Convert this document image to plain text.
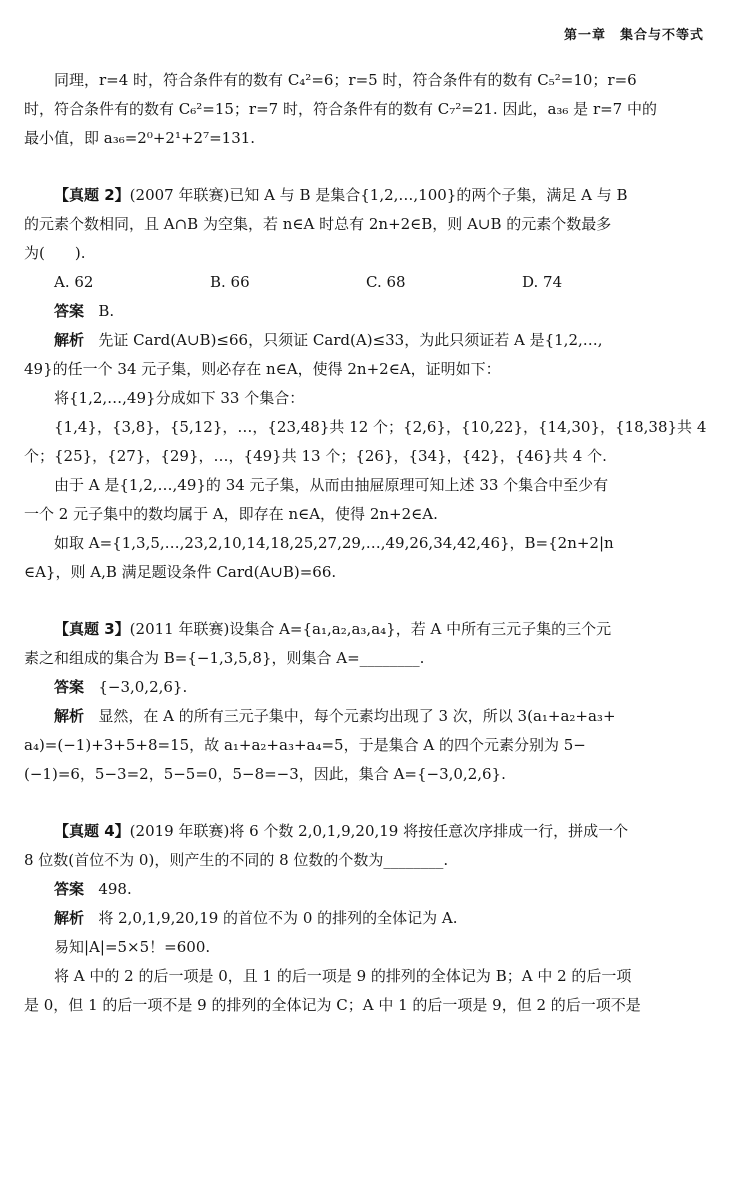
第一章 集合与不等式

同理，r=4 时，符合条件有的数有 C₄²=6；r=5 时，符合条件有的数有 C₅²=10；r=6

时，符合条件有的数有 C₆²=15；r=7 时，符合条件有的数有 C₇²=21. 因此，a₃₆ 是 r=7 中的

最小值，即 a₃₆=2⁰+2¹+2⁷=131.

【真题 2】(2007 年联赛)已知 A 与 B 是集合{1,2,…,100}的两个子集，满足 A 与 B

的元素个数相同，且 A∩B 为空集，若 n∈A 时总有 2n+2∈B，则 A∪B 的元素个数最多

为(　　).

A. 62	B. 66	C. 68	D. 74

答案 B.

解析 先证 Card(A∪B)≤66，只须证 Card(A)≤33，为此只须证若 A 是{1,2,…,

49}的任一个 34 元子集，则必存在 n∈A，使得 2n+2∈A，证明如下：

将{1,2,…,49}分成如下 33 个集合：

{1,4}，{3,8}，{5,12}，…，{23,48}共 12 个；{2,6}，{10,22}，{14,30}，{18,38}共 4

个；{25}，{27}，{29}，…，{49}共 13 个；{26}，{34}，{42}，{46}共 4 个.

由于 A 是{1,2,…,49}的 34 元子集，从而由抽屉原理可知上述 33 个集合中至少有

一个 2 元子集中的数均属于 A，即存在 n∈A，使得 2n+2∈A.

如取 A={1,3,5,…,23,2,10,14,18,25,27,29,…,49,26,34,42,46}，B={2n+2|n

∈A}，则 A,B 满足题设条件 Card(A∪B)=66.

【真题 3】(2011 年联赛)设集合 A={a₁,a₂,a₃,a₄}，若 A 中所有三元子集的三个元

素之和组成的集合为 B={−1,3,5,8}，则集合 A=________.

答案 {−3,0,2,6}.

解析 显然，在 A 的所有三元子集中，每个元素均出现了 3 次，所以 3(a₁+a₂+a₃+

a₄)=(−1)+3+5+8=15，故 a₁+a₂+a₃+a₄=5，于是集合 A 的四个元素分别为 5−

(−1)=6，5−3=2，5−5=0，5−8=−3，因此，集合 A={−3,0,2,6}.

【真题 4】(2019 年联赛)将 6 个数 2,0,1,9,20,19 将按任意次序排成一行，拼成一个

8 位数(首位不为 0)，则产生的不同的 8 位数的个数为________.

答案 498.

解析 将 2,0,1,9,20,19 的首位不为 0 的排列的全体记为 A.

易知|A|=5×5！=600.

将 A 中的 2 的后一项是 0，且 1 的后一项是 9 的排列的全体记为 B；A 中 2 的后一项

是 0，但 1 的后一项不是 9 的排列的全体记为 C；A 中 1 的后一项是 9，但 2 的后一项不是
